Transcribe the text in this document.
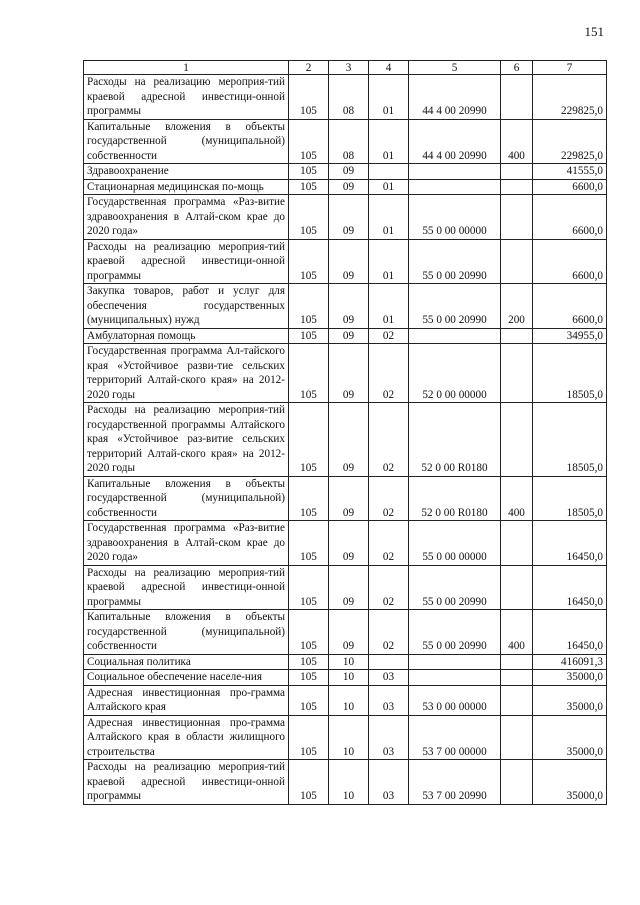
151
1	2	3	4	5	6	7
Расходы на реализацию мероприя-тий краевой адресной инвестици-онной программы	105	08	01	44 4 00 20990		229825,0
Капитальные вложения в объекты государственной (муниципальной) собственности	105	08	01	44 4 00 20990	400	229825,0
Здравоохранение	105	09				41555,0
Стационарная медицинская по-мощь	105	09	01			6600,0
Государственная программа «Раз-витие здравоохранения в Алтай-ском крае до 2020 года»	105	09	01	55 0 00 00000		6600,0
Расходы на реализацию мероприя-тий краевой адресной инвестици-онной программы	105	09	01	55 0 00 20990		6600,0
Закупка товаров, работ и услуг для обеспечения государственных (муниципальных) нужд	105	09	01	55 0 00 20990	200	6600,0
Амбулаторная помощь	105	09	02			34955,0
Государственная программа Ал-тайского края «Устойчивое разви-тие сельских территорий Алтай-ского края» на 2012-2020 годы	105	09	02	52 0 00 00000		18505,0
Расходы на реализацию мероприя-тий государственной программы Алтайского края «Устойчивое раз-витие сельских территорий Алтай-ского края» на 2012-2020 годы	105	09	02	52 0 00 R0180		18505,0
Капитальные вложения в объекты государственной (муниципальной) собственности	105	09	02	52 0 00 R0180	400	18505,0
Государственная программа «Раз-витие здравоохранения в Алтай-ском крае до 2020 года»	105	09	02	55 0 00 00000		16450,0
Расходы на реализацию мероприя-тий краевой адресной инвестици-онной программы	105	09	02	55 0 00 20990		16450,0
Капитальные вложения в объекты государственной (муниципальной) собственности	105	09	02	55 0 00 20990	400	16450,0
Социальная политика	105	10				416091,3
Социальное обеспечение населе-ния	105	10	03			35000,0
Адресная инвестиционная про-грамма Алтайского края	105	10	03	53 0 00 00000		35000,0
Адресная инвестиционная про-грамма Алтайского края в области жилищного строительства	105	10	03	53 7 00 00000		35000,0
Расходы на реализацию мероприя-тий краевой адресной инвестици-онной программы	105	10	03	53 7 00 20990		35000,0
